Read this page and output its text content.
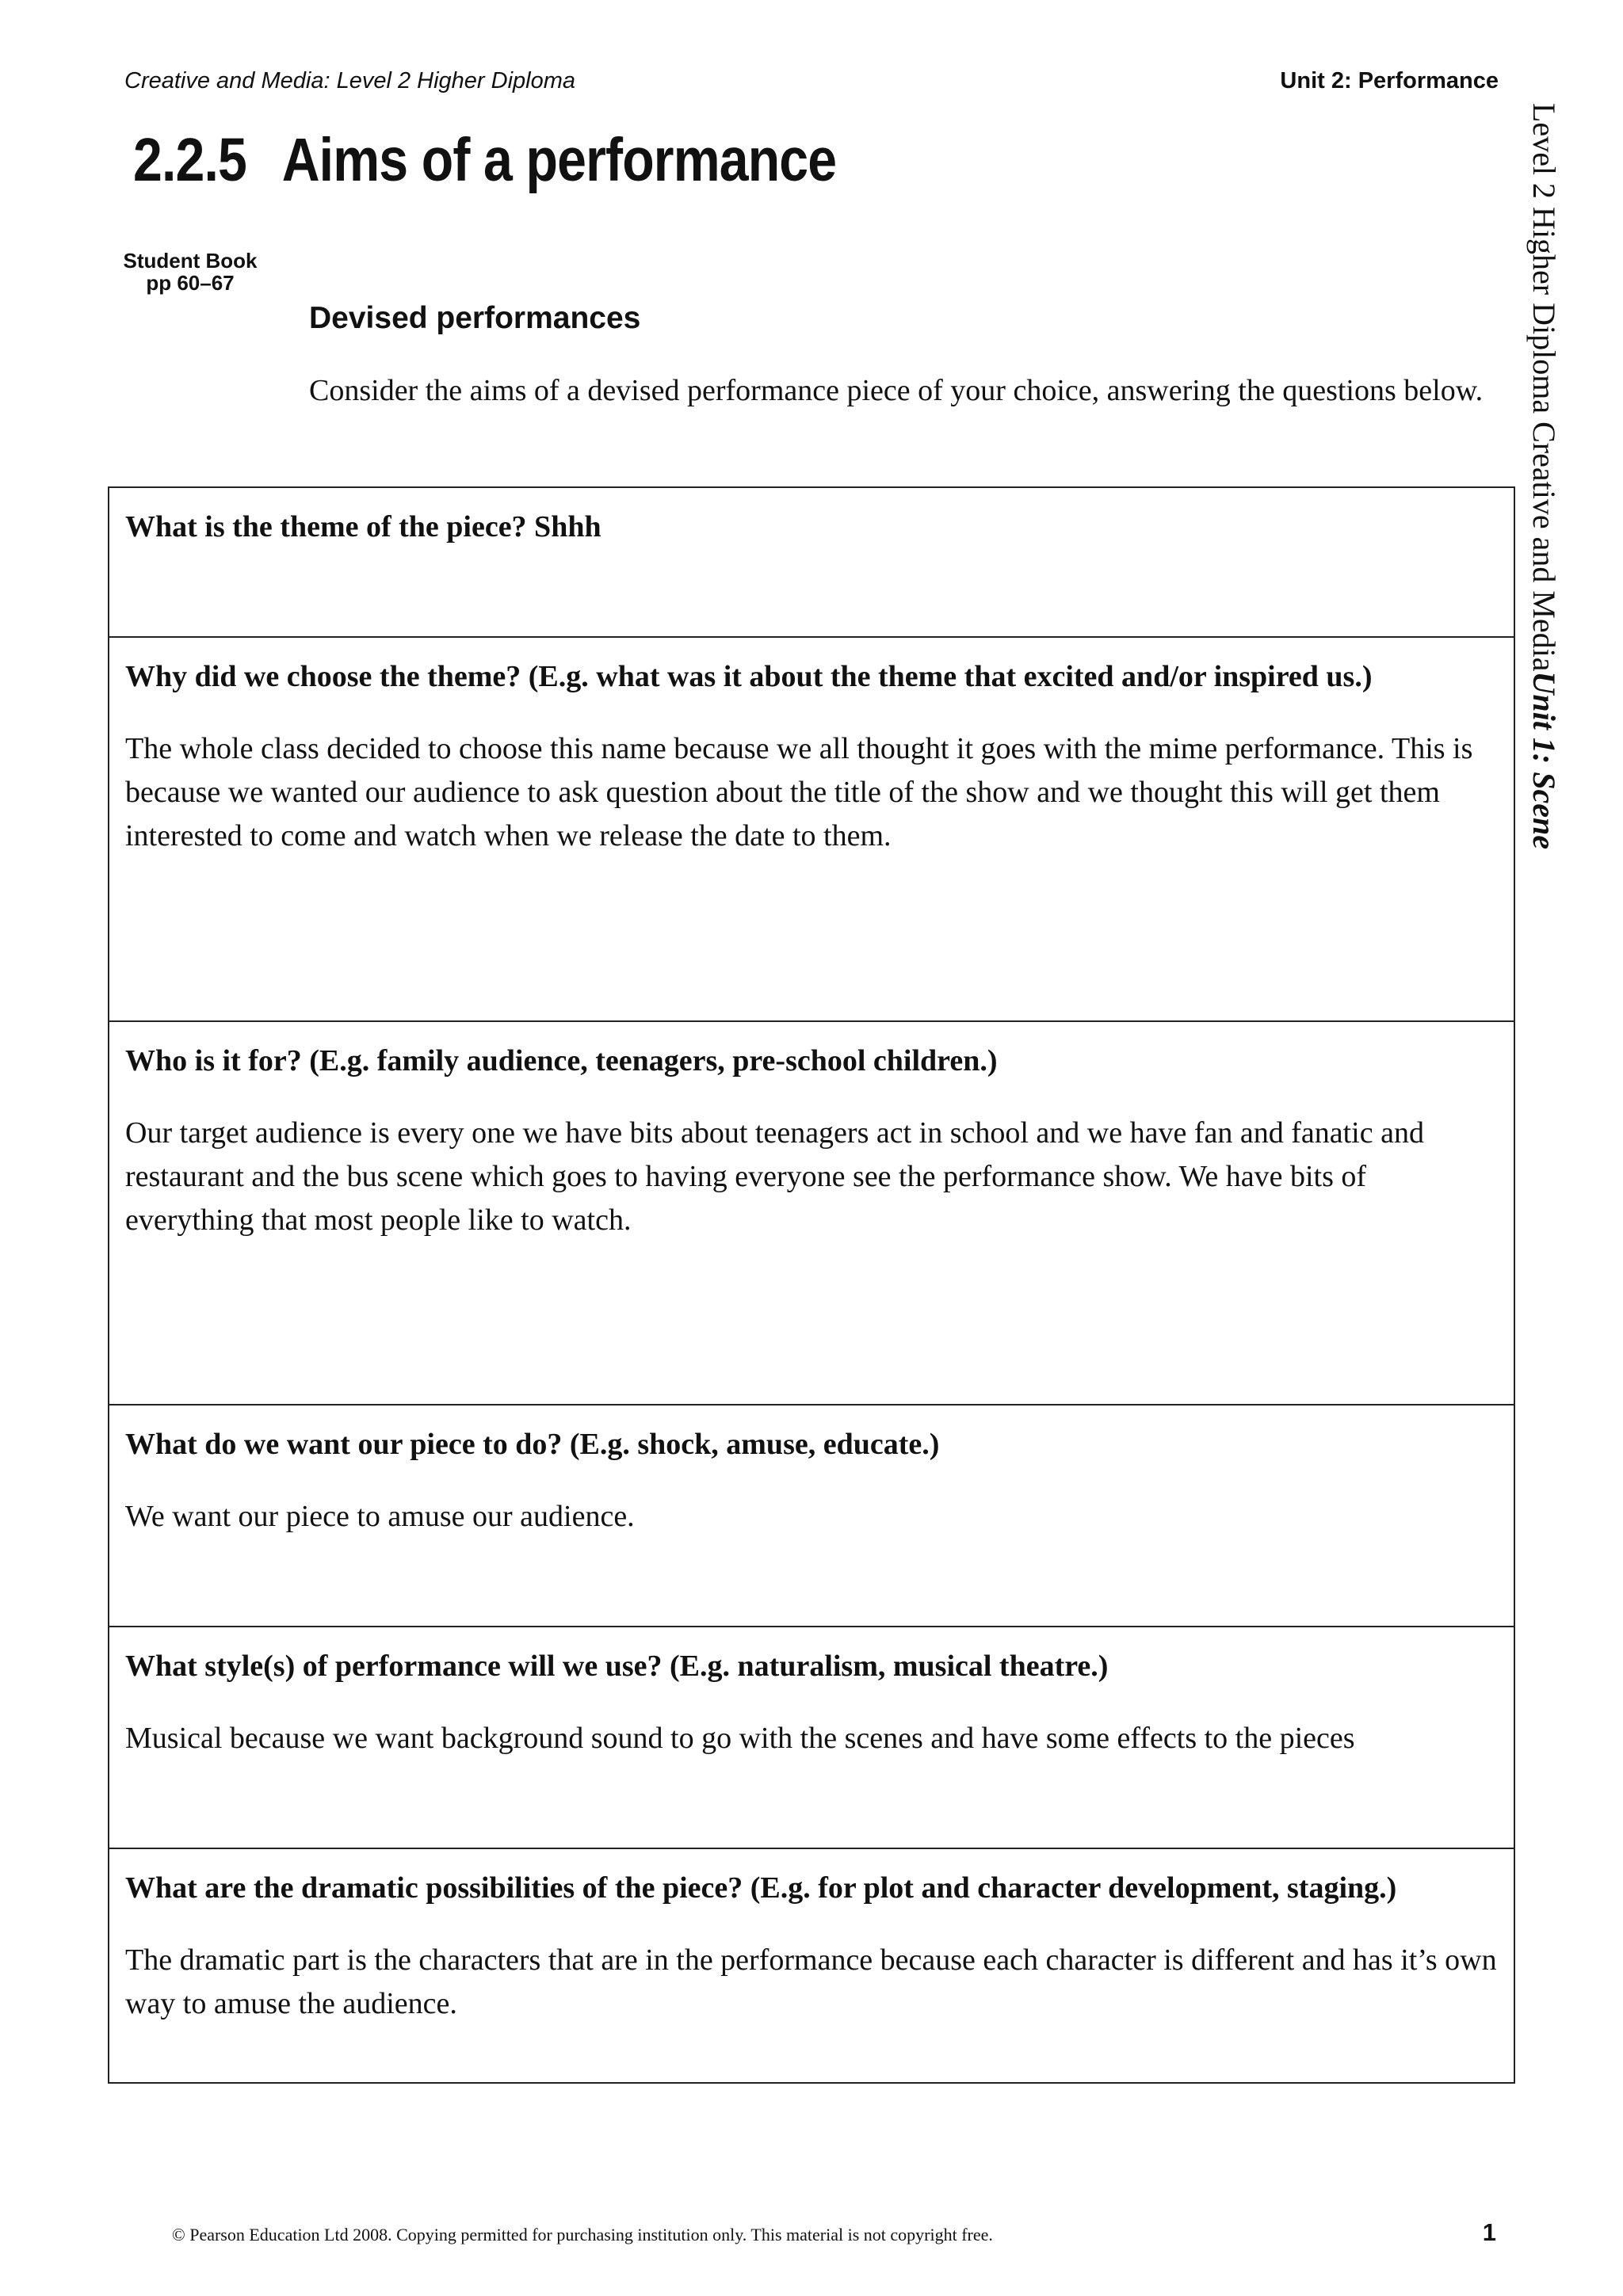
Creative and Media: Level 2 Higher Diploma	Unit 2: Performance
2.2.5 Aims of a performance
Student Book
pp 60–67
Devised performances
Consider the aims of a devised performance piece of your choice, answering the questions below.	Level 2 Higher Diploma Creative and MediaUnit 1: Scene

What is the theme of the piece? Shhh

Why did we choose the theme? (E.g. what was it about the theme that excited and/or inspired us.)

The whole class decided to choose this name because we all thought it goes with the mime performance. This is because we wanted our audience to ask question about the title of the show and we thought this will get them interested to come and watch when we release the date to them.

Who is it for? (E.g. family audience, teenagers, pre-school children.)

Our target audience is every one we have bits about teenagers act in school and we have fan and fanatic and restaurant and the bus scene which goes to having everyone see the performance show. We have bits of everything that most people like to watch.

What do we want our piece to do? (E.g. shock, amuse, educate.)

We want our piece to amuse our audience.

What style(s) of performance will we use? (E.g. naturalism, musical theatre.)

Musical because we want background sound to go with the scenes and have some effects to the pieces

What are the dramatic possibilities of the piece? (E.g. for plot and character development, staging.)

The dramatic part is the characters that are in the performance because each character is different and has it’s own way to amuse the audience.

© Pearson Education Ltd 2008. Copying permitted for purchasing institution only. This material is not copyright free.	1
